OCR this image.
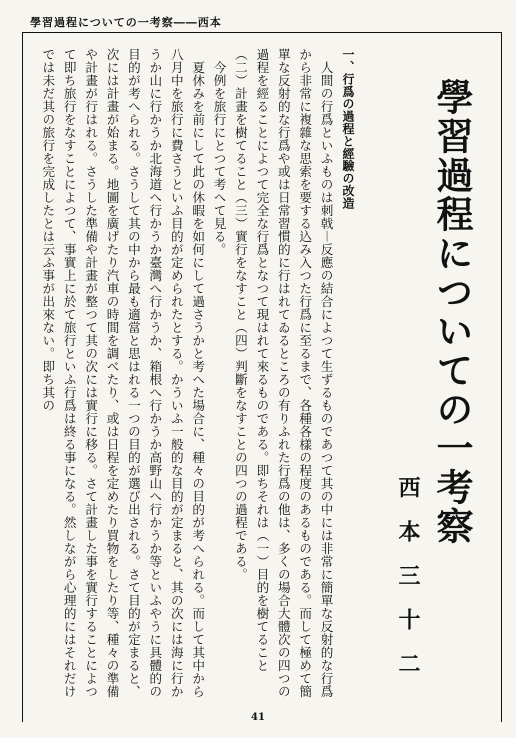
學習過程についての一考察――西本
學習過程についての一考察
西本三十二

一、行爲の過程と經驗の改造

人間の行爲といふものは刺戟︱反應の結合によつて生ずるものであつて其の中には非常に簡單な反射的な行爲から非常に複雜な思索を要する込み入つた行爲に至るまで、各種各樣の程度のあるものである。而して極めて簡單な反射的な行爲や或は日常習慣的に行はれてゐるところの有りふれた行爲の他は、多くの場合大體次の四つの過程を經ることによつて完全な行爲となつて現はれて來るものである。即ちそれは（一）目的を樹てること（二）計畫を樹てること（三）實行をなすこと（四）判斷をなすことの四つの過程である。

今例を旅行にとつて考へて見る。

夏休みを前にして此の休暇を如何にして過さうかと考へた場合に、種々の目的が考へられる。而して其中から八月中を旅行に費さうといふ目的が定められたとする。かういふ一般的な目的が定まると、其の次には海に行かうか山に行かうか北海道へ行かうか臺灣へ行かうか、箱根へ行かうか高野山へ行かうか等といふやうに具體的の目的が考へられる。さうして其の中から最も適當と思はれる一つの目的が選び出される。さて目的が定まると、次には計畫が始まる。地圖を廣げたり汽車の時間を調べたり、或は日程を定めたり買物をしたり等、種々の準備や計畫が行はれる。さうした準備や計畫が整つて其の次には實行に移る。さて計畫した事を實行することによつて即ち旅行をなすことによつて、事實上に於て旅行といふ行爲は終る事になる。然しながら心理的にはそれだけでは未だ其の旅行を完成したとは云ふ事が出來ない。即ち其の

41
